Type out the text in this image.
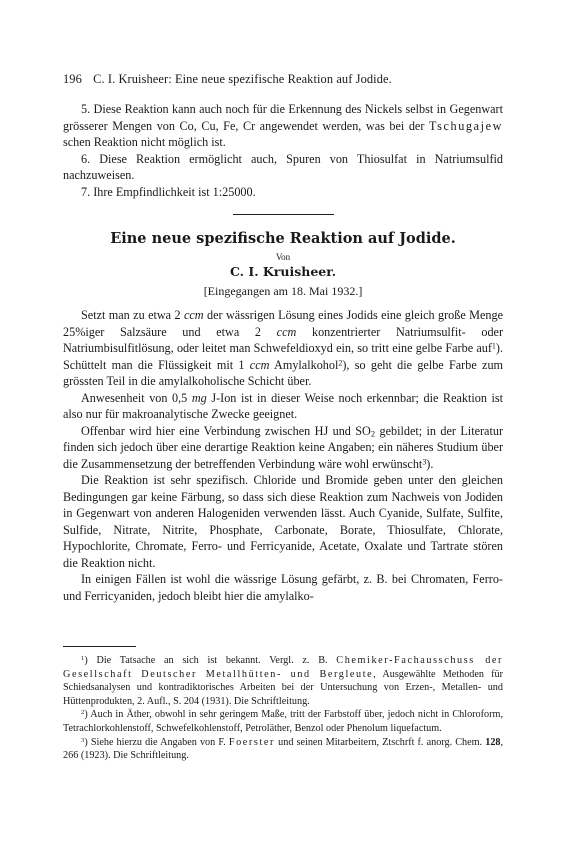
196 C. I. Kruisheer: Eine neue spezifische Reaktion auf Jodide.

5. Diese Reaktion kann auch noch für die Erkennung des Nickels selbst in Gegenwart grösserer Mengen von Co, Cu, Fe, Cr angewendet werden, was bei der Tschugajew schen Reaktion nicht möglich ist.

6. Diese Reaktion ermöglicht auch, Spuren von Thiosulfat in Natriumsulfid nachzuweisen.

7. Ihre Empfindlichkeit ist 1:25000.

Eine neue spezifische Reaktion auf Jodide.
Von
C. I. Kruisheer.
[Eingegangen am 18. Mai 1932.]

Setzt man zu etwa 2 ccm der wässrigen Lösung eines Jodids eine gleich große Menge 25%iger Salzsäure und etwa 2 ccm konzentrierter Natriumsulfit- oder Natriumbisulfitlösung, oder leitet man Schwefeldioxyd ein, so tritt eine gelbe Farbe auf$^1$). Schüttelt man die Flüssigkeit mit 1 ccm Amylalkohol$^2$), so geht die gelbe Farbe zum grössten Teil in die amylalkoholische Schicht über.

Anwesenheit von 0,5 mg J-Ion ist in dieser Weise noch erkennbar; die Reaktion ist also nur für makroanalytische Zwecke geeignet.

Offenbar wird hier eine Verbindung zwischen HJ und $SO_2$ gebildet; in der Literatur finden sich jedoch über eine derartige Reaktion keine Angaben; ein näheres Studium über die Zusammensetzung der betreffenden Verbindung wäre wohl erwünscht$^3$).

Die Reaktion ist sehr spezifisch. Chloride und Bromide geben unter den gleichen Bedingungen gar keine Färbung, so dass sich diese Reaktion zum Nachweis von Jodiden in Gegenwart von anderen Halogeniden verwenden lässt. Auch Cyanide, Sulfate, Sulfite, Sulfide, Nitrate, Nitrite, Phosphate, Carbonate, Borate, Thiosulfate, Chlorate, Hypochlorite, Chromate, Ferro- und Ferricyanide, Acetate, Oxalate und Tartrate stören die Reaktion nicht.

In einigen Fällen ist wohl die wässrige Lösung gefärbt, z. B. bei Chromaten, Ferro- und Ferricyaniden, jedoch bleibt hier die amylalko-

$^1$) Die Tatsache an sich ist bekannt. Vergl. z. B. Chemiker-Fachausschuss der Gesellschaft Deutscher Metallhütten- und Bergleute, Ausgewählte Methoden für Schiedsanalysen und kontradiktorisches Arbeiten bei der Untersuchung von Erzen-, Metallen- und Hüttenprodukten, 2. Aufl., S. 204 (1931). Die Schriftleitung.

$^2$) Auch in Äther, obwohl in sehr geringem Maße, tritt der Farbstoff über, jedoch nicht in Chloroform, Tetrachlorkohlenstoff, Schwefelkohlenstoff, Petroläther, Benzol oder Phenolum liquefactum.

$^3$) Siehe hierzu die Angaben von F. Foerster und seinen Mitarbeitern, Ztschrft f. anorg. Chem. 128, 266 (1923). Die Schriftleitung.
